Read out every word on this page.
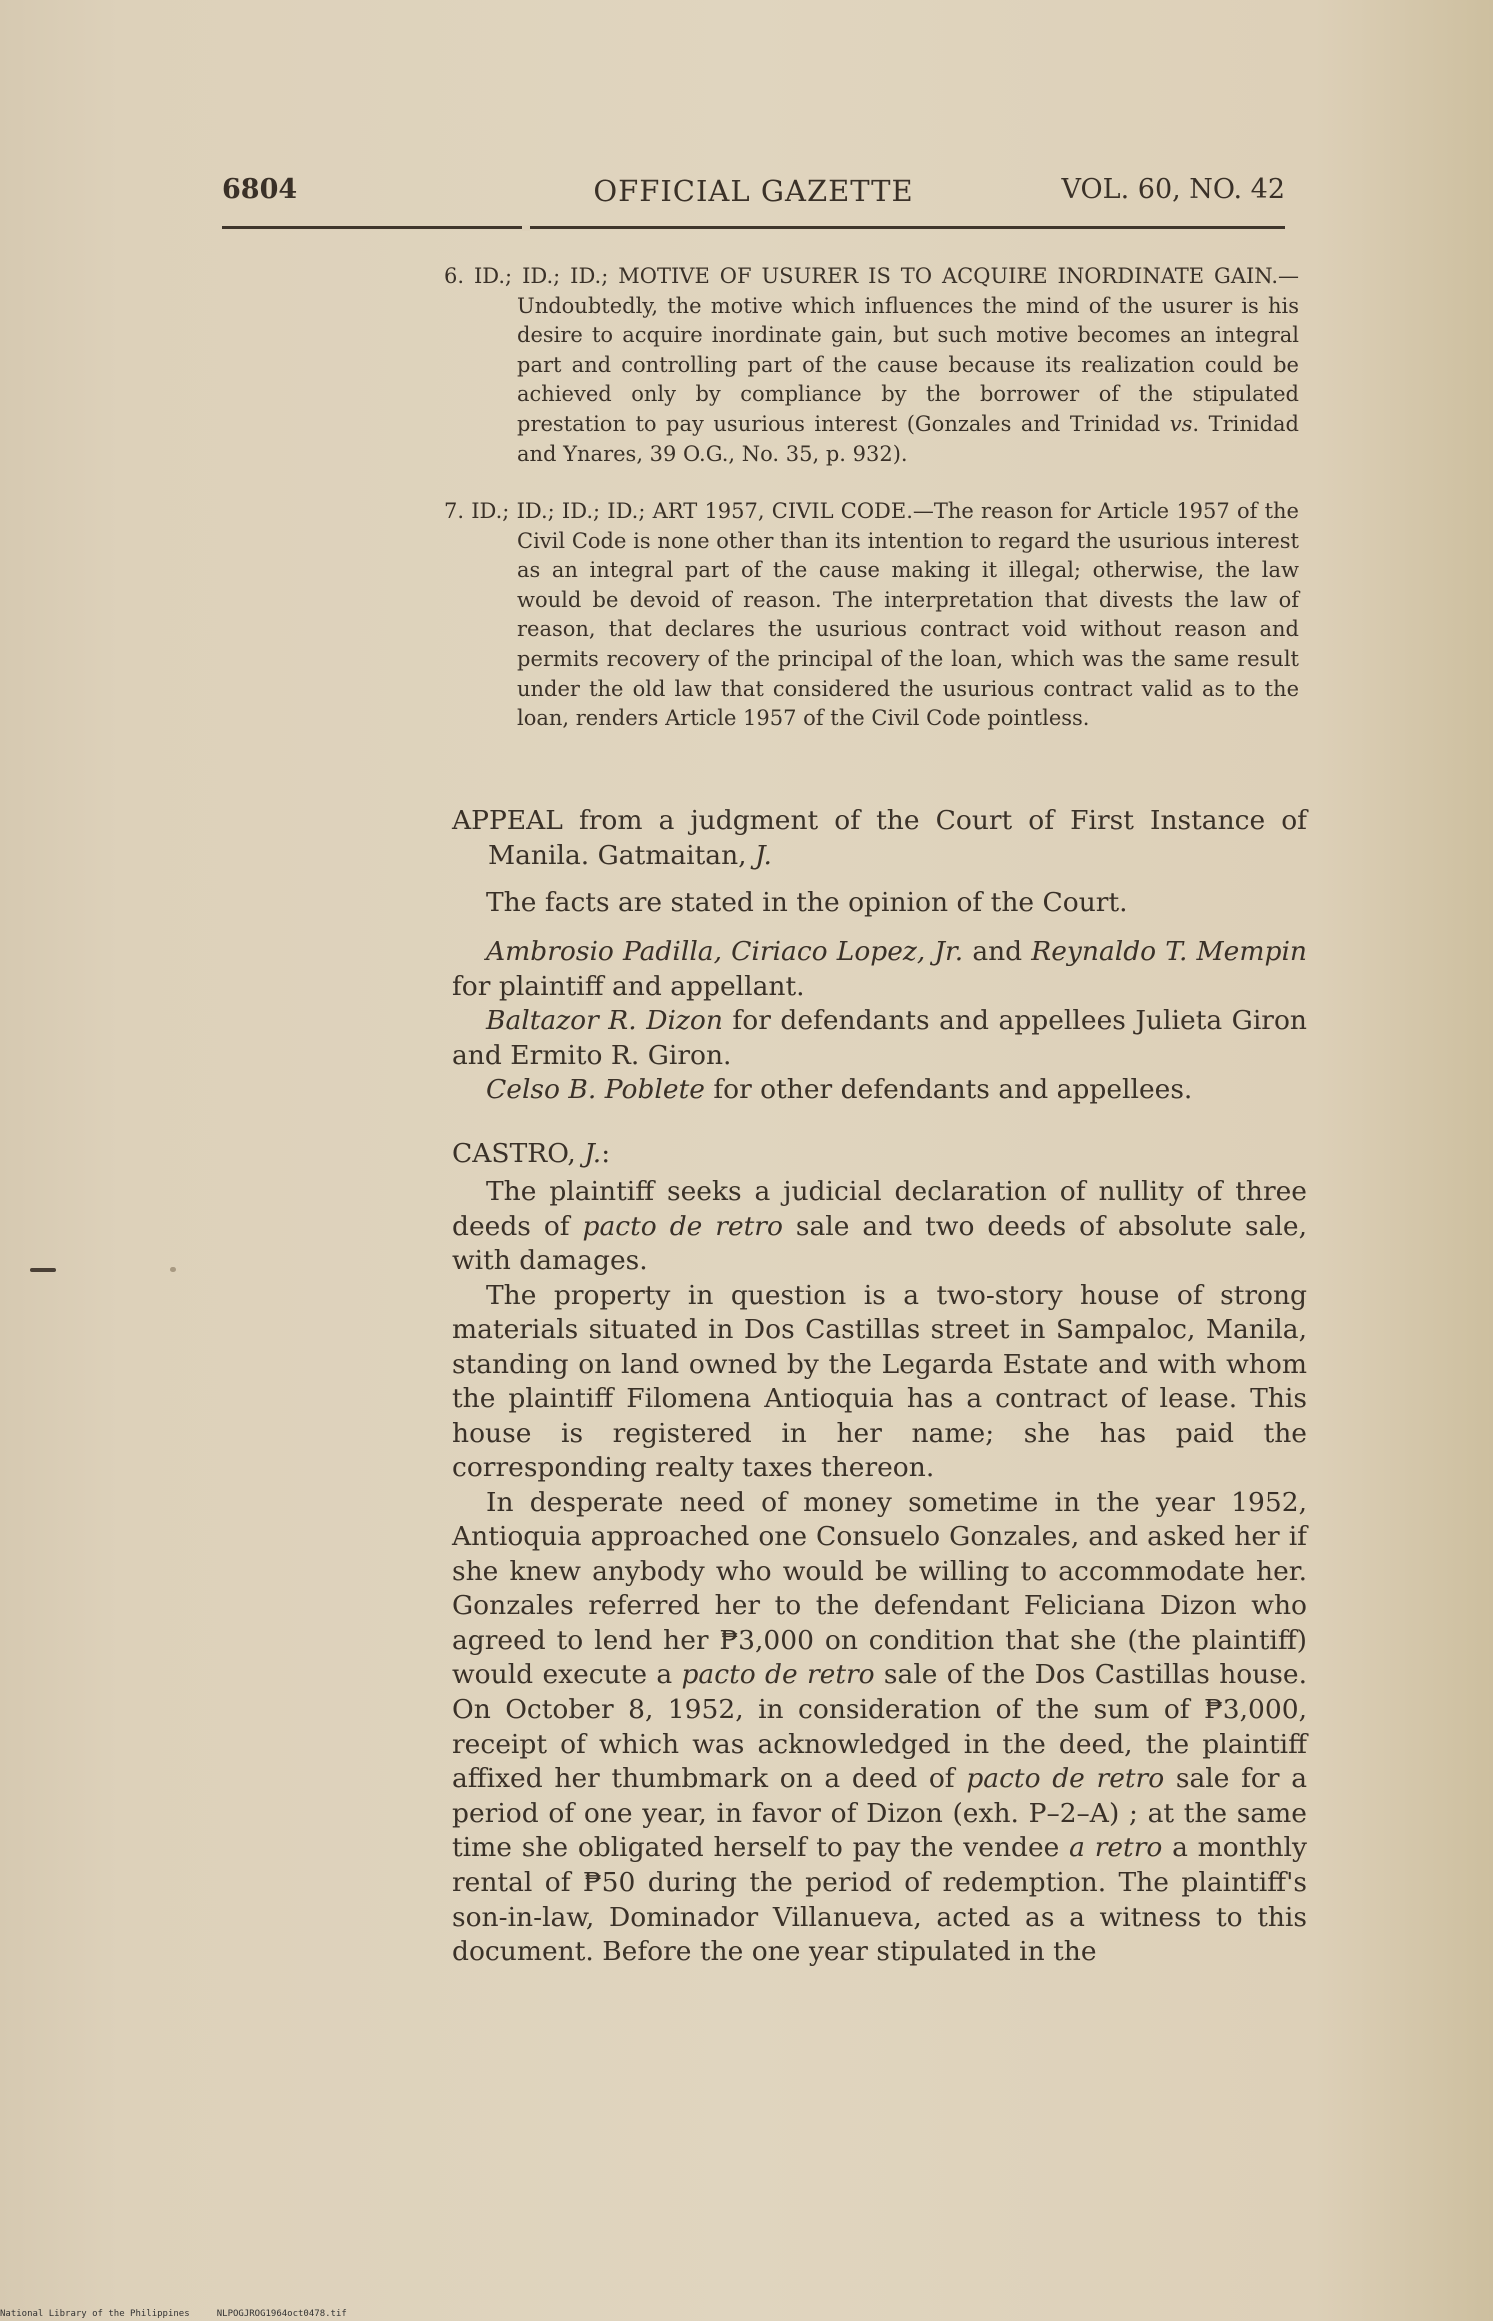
6804	OFFICIAL GAZETTE	VOL. 60, NO. 42

6. ID.; ID.; ID.; MOTIVE OF USURER IS TO ACQUIRE INORDINATE GAIN.— Undoubtedly, the motive which influences the mind of the usurer is his desire to acquire inordinate gain, but such motive becomes an integral part and controlling part of the cause because its realization could be achieved only by compliance by the borrower of the stipulated prestation to pay usurious interest (Gonzales and Trinidad vs. Trinidad and Ynares, 39 O.G., No. 35, p. 932).

7. ID.; ID.; ID.; ID.; ART 1957, CIVIL CODE.—The reason for Article 1957 of the Civil Code is none other than its intention to regard the usurious interest as an integral part of the cause making it illegal; otherwise, the law would be devoid of reason. The interpretation that divests the law of reason, that declares the usurious contract void without reason and permits recovery of the principal of the loan, which was the same result under the old law that considered the usurious contract valid as to the loan, renders Article 1957 of the Civil Code pointless.

APPEAL from a judgment of the Court of First Instance of Manila. Gatmaitan, J.

The facts are stated in the opinion of the Court.

Ambrosio Padilla, Ciriaco Lopez, Jr. and Reynaldo T. Mempin for plaintiff and appellant.

Baltazor R. Dizon for defendants and appellees Julieta Giron and Ermito R. Giron.

Celso B. Poblete for other defendants and appellees.

CASTRO, J.:

The plaintiff seeks a judicial declaration of nullity of three deeds of pacto de retro sale and two deeds of absolute sale, with damages.

The property in question is a two-story house of strong materials situated in Dos Castillas street in Sampaloc, Manila, standing on land owned by the Legarda Estate and with whom the plaintiff Filomena Antioquia has a contract of lease. This house is registered in her name; she has paid the corresponding realty taxes thereon.

In desperate need of money sometime in the year 1952, Antioquia approached one Consuelo Gonzales, and asked her if she knew anybody who would be willing to accommodate her. Gonzales referred her to the defendant Feliciana Dizon who agreed to lend her ₱3,000 on condition that she (the plaintiff) would execute a pacto de retro sale of the Dos Castillas house. On October 8, 1952, in consideration of the sum of ₱3,000, receipt of which was acknowledged in the deed, the plaintiff affixed her thumbmark on a deed of pacto de retro sale for a period of one year, in favor of Dizon (exh. P–2–A) ; at the same time she obligated herself to pay the vendee a retro a monthly rental of ₱50 during the period of redemption. The plaintiff's son-in-law, Dominador Villanueva, acted as a witness to this document. Before the one year stipulated in the

National Library of the Philippines     NLPOGJROG1964oct0478.tif
